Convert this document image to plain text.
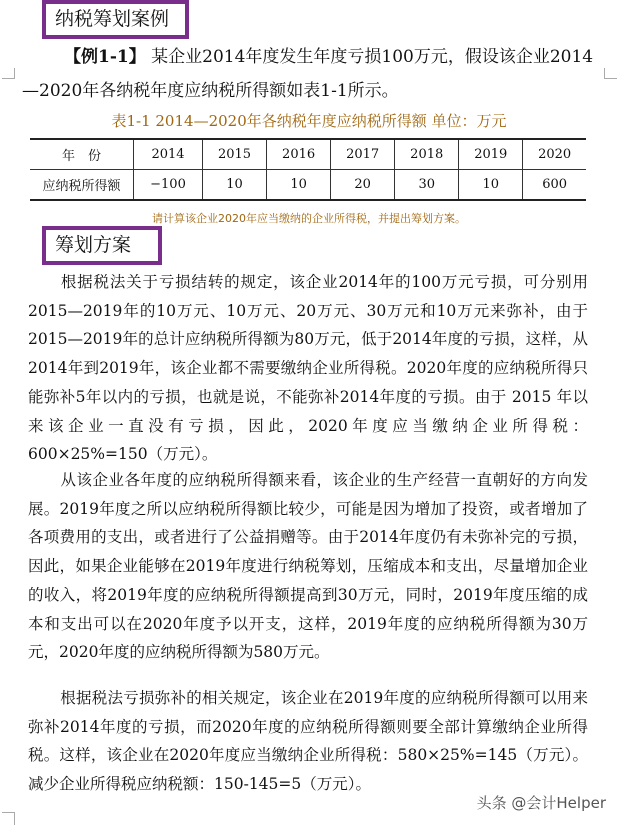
纳税筹划案例
【例1-1】 某企业2014年度发生年度亏损100万元，假设该企业2014
—2020年各纳税年度应纳税所得额如表1-1所示。
表1-1 2014—2020年各纳税年度应纳税所得额 单位：万元
年　份	2014	2015	2016	2017	2018	2019	2020
应纳税所得额	−100	10	10	20	30	10	600
请计算该企业2020年应当缴纳的企业所得税，并提出筹划方案。
筹划方案

根据税法关于亏损结转的规定，该企业2014年的100万元亏损，可分别用2015—2019年的10万元、10万元、20万元、30万元和10万元来弥补，由于2015—2019年的总计应纳税所得额为80万元，低于2014年度的亏损，这样，从2014年到2019年，该企业都不需要缴纳企业所得税。2020年度的应纳税所得只能弥补5年以内的亏损，也就是说，不能弥补2014年度的亏损。由于 2015 年以来该企业一直没有亏损，因此，2020年度应当缴纳企业所得税：600×25%=150（万元）。

从该企业各年度的应纳税所得额来看，该企业的生产经营一直朝好的方向发展。2019年度之所以应纳税所得额比较少，可能是因为增加了投资，或者增加了各项费用的支出，或者进行了公益捐赠等。由于2014年度仍有未弥补完的亏损，因此，如果企业能够在2019年度进行纳税筹划，压缩成本和支出，尽量增加企业的收入，将2019年度的应纳税所得额提高到30万元，同时，2019年度压缩的成本和支出可以在2020年度予以开支，这样，2019年度的应纳税所得额为30万元，2020年度的应纳税所得额为580万元。

根据税法亏损弥补的相关规定，该企业在2019年度的应纳税所得额可以用来弥补2014年度的亏损，而2020年度的应纳税所得额则要全部计算缴纳企业所得税。这样，该企业在2020年度应当缴纳企业所得税：580×25%=145（万元）。减少企业所得税应纳税额：150-145=5（万元）。

头条 @会计Helper
